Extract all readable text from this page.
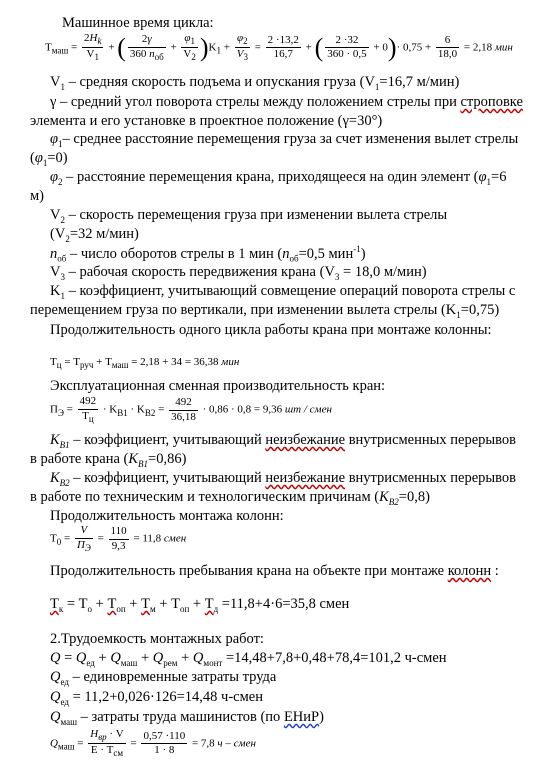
Машинное время цикла:
$T_{маш} = \frac{2H_k}{V_1}$ + ( $\frac{2\gamma}{360 n_{об}} + \frac{\varphi_1}{V_2} )K_1 + \frac{\varphi_2}{V_3} = \frac{2 \cdot 13,2}{16,7}$ + ( $\frac{2 \cdot 32}{360 \cdot 0,5} + 0)\cdot 0,75 + \frac{6}{18,0} = 2,18$ мин
$V_1$ – средняя скорость подъема и опускания груза ($V_1=16,7$ м/мин)
γ – средний угол поворота стрелы между положением стрелы при строповке
элемента и его установке в проектное положение (γ=30°)
$\varphi_1-$ среднее расстояние перемещения груза за счет изменения вылет стрелы
$(\varphi_1=0)$
$\varphi_2$ – расстояние перемещения крана, приходящееся на один элемент ($\varphi_1=6$
м)
$V_2$ – скорость перемещения груза при изменении вылета стрелы
($V_2=32$ м/мин)
$n_{об}$ – число оборотов стрелы в 1 мин ($n_{об}=0,5$ мин$^{-1}$)
$V_3$ – рабочая скорость передвижения крана ($V_3 = 18,0$ м/мин)
$K_1$ – коэффициент, учитывающий совмещение операций поворота стрелы с
перемещением груза по вертикали, при изменении вылета стрелы $(K_1=0,75)$
Продолжительность одного цикла работы крана при монтаже колонны:
$T_ц = T_{руч} + T_{маш} = 2,18 + 34 = 36,38$ мин
Эксплуатационная сменная производительность кран:
$П_Э = \frac{492}{T_ц} \cdot K_{В1} \cdot K_{В2} = \frac{492}{36,18} \cdot 0,86 \cdot 0,8 = 9,36$ шт / смен
$K_{В1}$ – коэффициент, учитывающий неизбежание внутрисменных перерывов
в работе крана $(K_{В1}=0,86)$
$K_{В2}$ – коэффициент, учитывающий неизбежание внутрисменных перерывов
в работе по техническим и технологическим причинам $(K_{В2}=0,8)$
Продолжительность монтажа колонн:
$T_0 = \frac{V}{П_Э} = \frac{110}{9,3} = 11,8$ смен
Продолжительность пребывания крана на объекте при монтаже колонн :
$T_к = T_о + T_{оп} + T_м + T_{оп} + T_д =11,8+4\cdot 6=35,8$ смен
2.Трудоемкость монтажных работ:
$Q = Q_{ед} + Q_{маш} + Q_{рем} + Q_{монт} =14,48+7,8+0,48+78,4=101,2$ ч-смен
$Q_{ед}$ – единовременные затраты труда
$Q_{ед} = 11,2+0,026\cdot 126=14,48$ ч-смен
$Q_{маш}$ – затраты труда машинистов (по ЕНиР)
$Q_{маш} = \frac{H_{вр} \cdot V}{E \cdot T_{см}} = \frac{0,57 \cdot 110}{1 \cdot 8} = 7,8$ ч – смен
